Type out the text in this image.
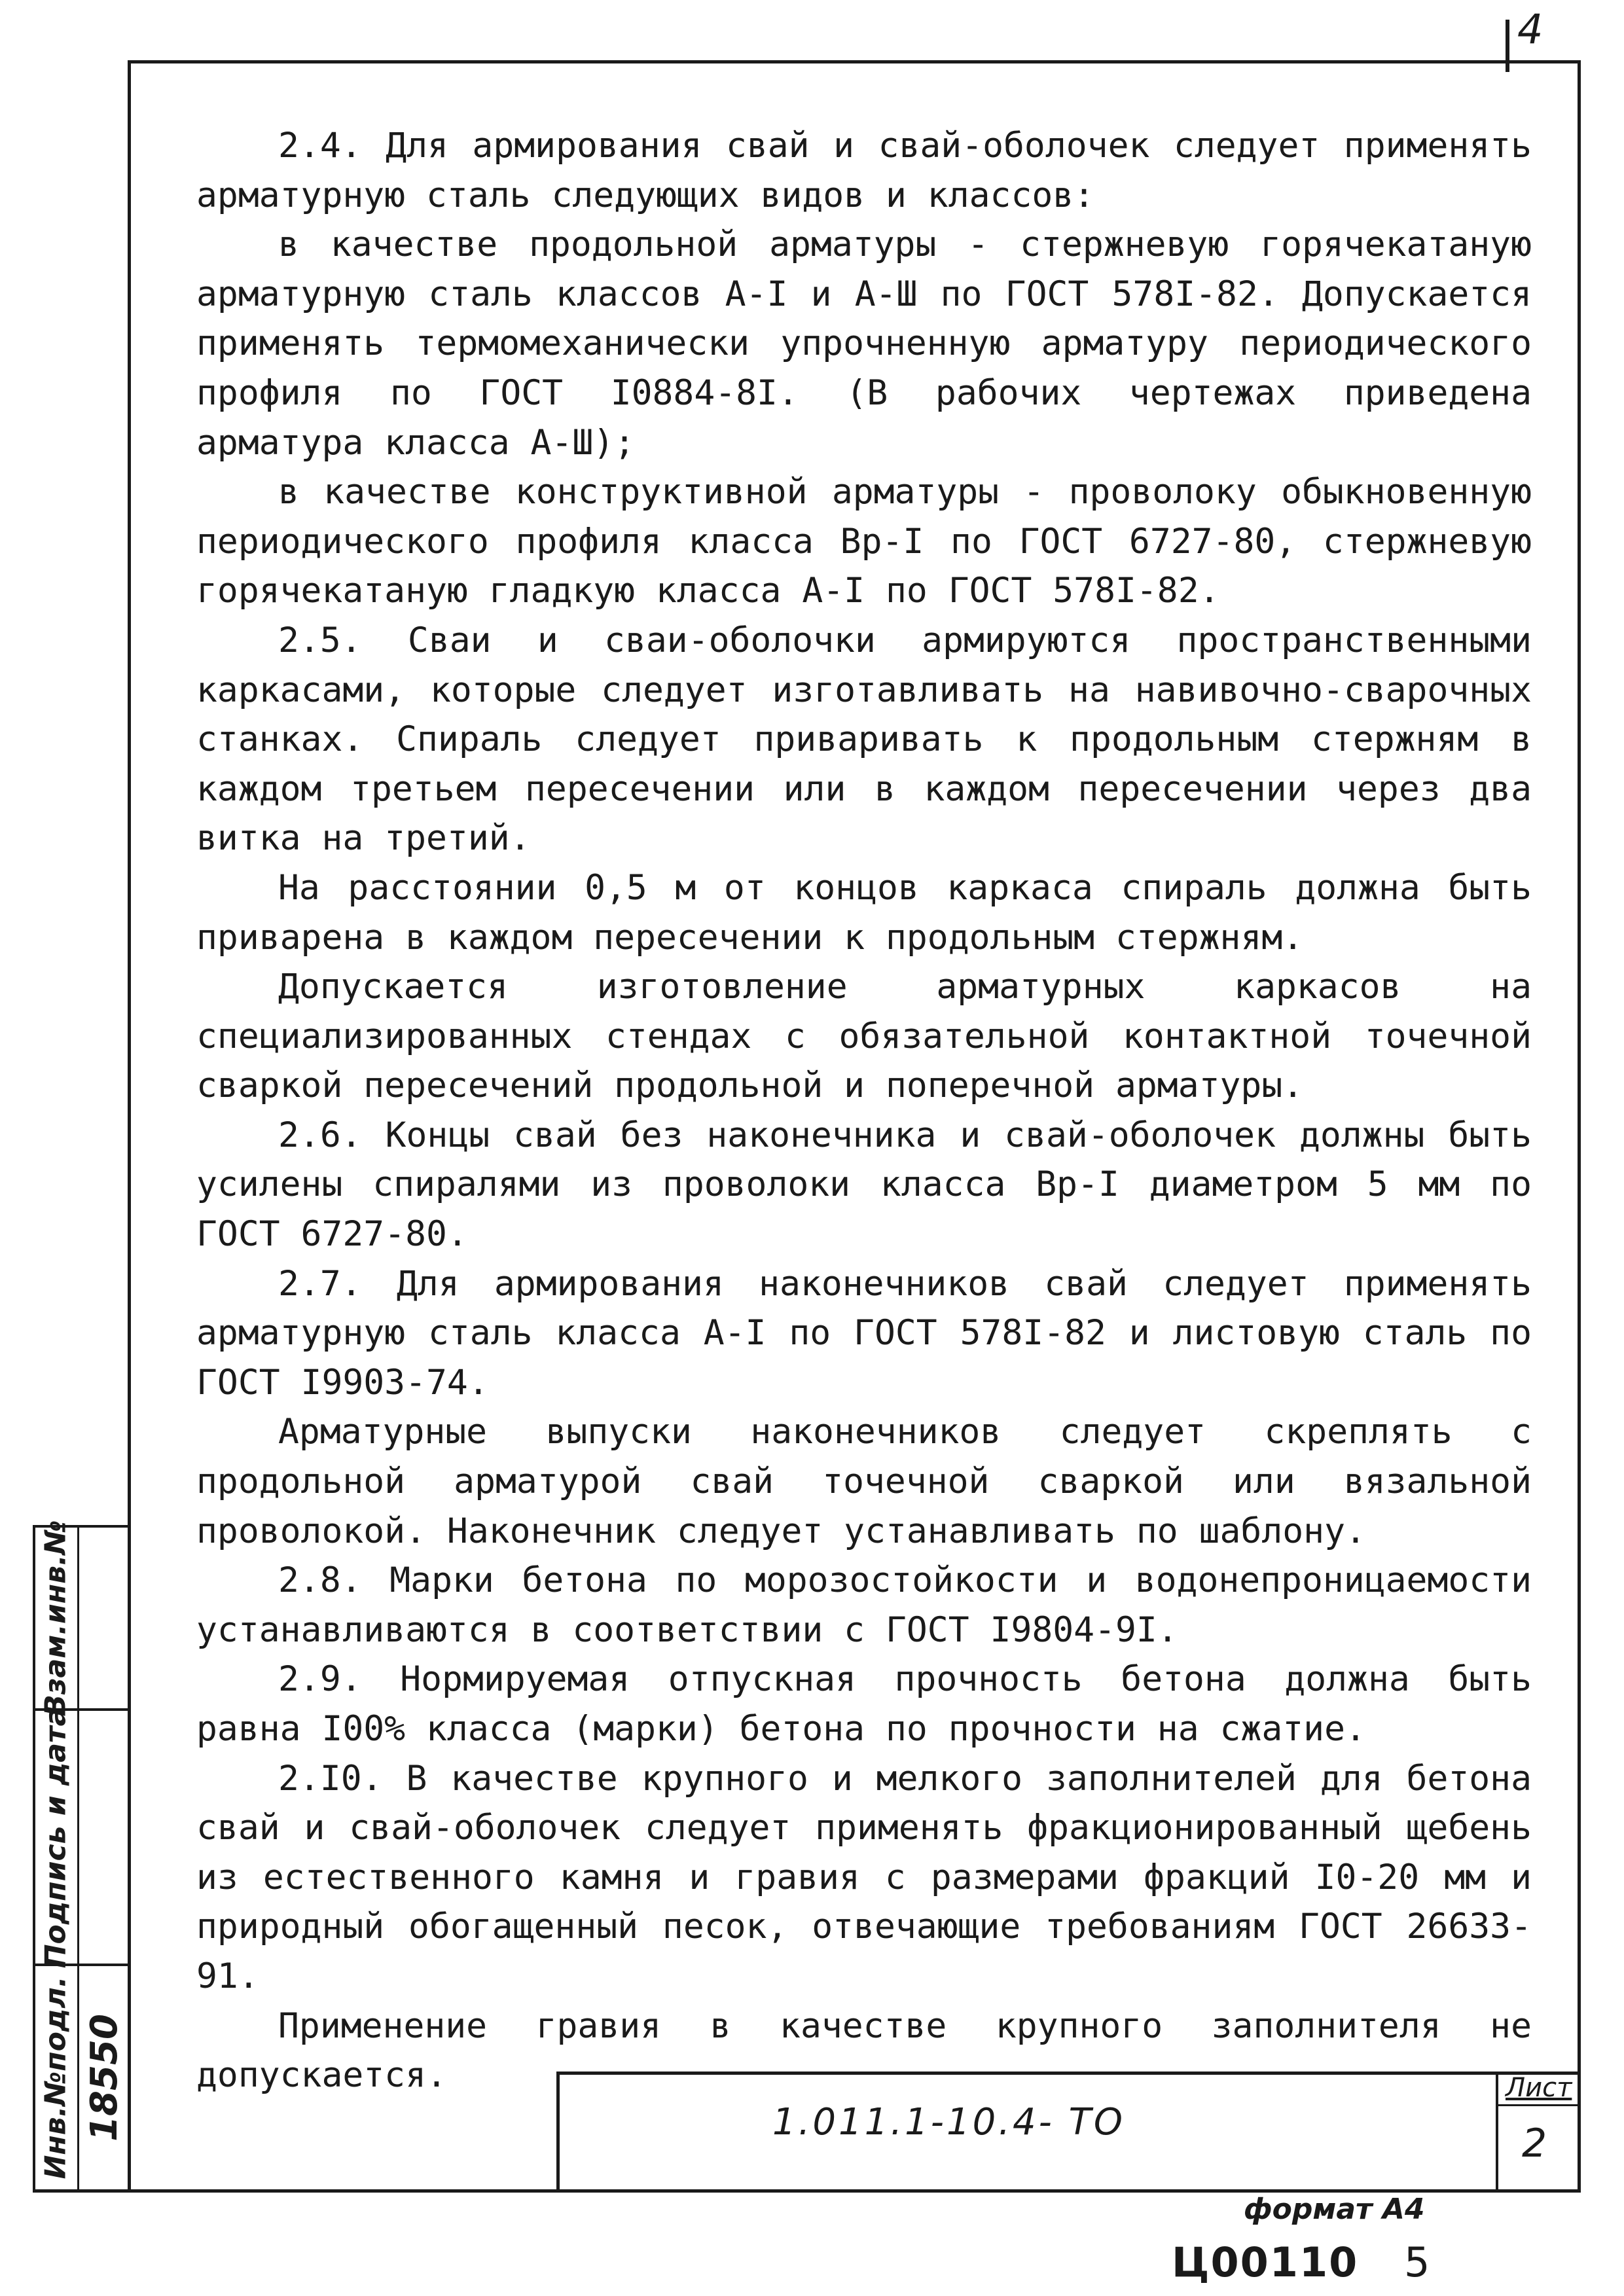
4
Взам.инв.№
Подпись и дата
Инв.№подл. 18550

2.4. Для армирования свай и свай-оболочек следует применять арматурную сталь следующих видов и классов:

в качестве продольной арматуры - стержневую горячекатаную арматурную сталь классов А-I и А-Ш по ГОСТ 578I-82. Допускается применять термомеханически упрочненную арматуру периодического профиля по ГОСТ I0884-8I. (В рабочих чертежах приведена арматура класса А-Ш);

в качестве конструктивной арматуры - проволоку обыкновенную периодического профиля класса Вр-I по ГОСТ 6727-80, стержневую горячекатаную гладкую класса А-I по ГОСТ 578I-82.

2.5. Сваи и сваи-оболочки армируются пространственными каркасами, которые следует изготавливать на навивочно-сварочных станках. Спираль следует приваривать к продольным стержням в каждом третьем пересечении или в каждом пересечении через два витка на третий.

На расстоянии 0,5 м от концов каркаса спираль должна быть приварена в каждом пересечении к продольным стержням.

Допускается изготовление арматурных каркасов на специализированных стендах с обязательной контактной точечной сваркой пересечений продольной и поперечной арматуры.

2.6. Концы свай без наконечника и свай-оболочек должны быть усилены спиралями из проволоки класса Вр-I диаметром 5 мм по ГОСТ 6727-80.

2.7. Для армирования наконечников свай следует применять арматурную сталь класса А-I по ГОСТ 578I-82 и листовую сталь по ГОСТ I9903-74.

Арматурные выпуски наконечников следует скреплять с продольной арматурой свай точечной сваркой или вязальной проволокой. Наконечник следует устанавливать по шаблону.

2.8. Марки бетона по морозостойкости и водонепроницаемости устанавливаются в соответствии с ГОСТ I9804-9I.

2.9. Нормируемая отпускная прочность бетона должна быть равна I00% класса (марки) бетона по прочности на сжатие.

2.I0. В качестве крупного и мелкого заполнителей для бетона свай и свай-оболочек следует применять фракционированный щебень из естественного камня и гравия с размерами фракций I0-20 мм и природный обогащенный песок, отвечающие требованиям ГОСТ 26633-91.

Применение гравия в качестве крупного заполнителя не допускается.

1.011.1-10.4- ТО
Лист
2
формат А4
Ц00110 5
